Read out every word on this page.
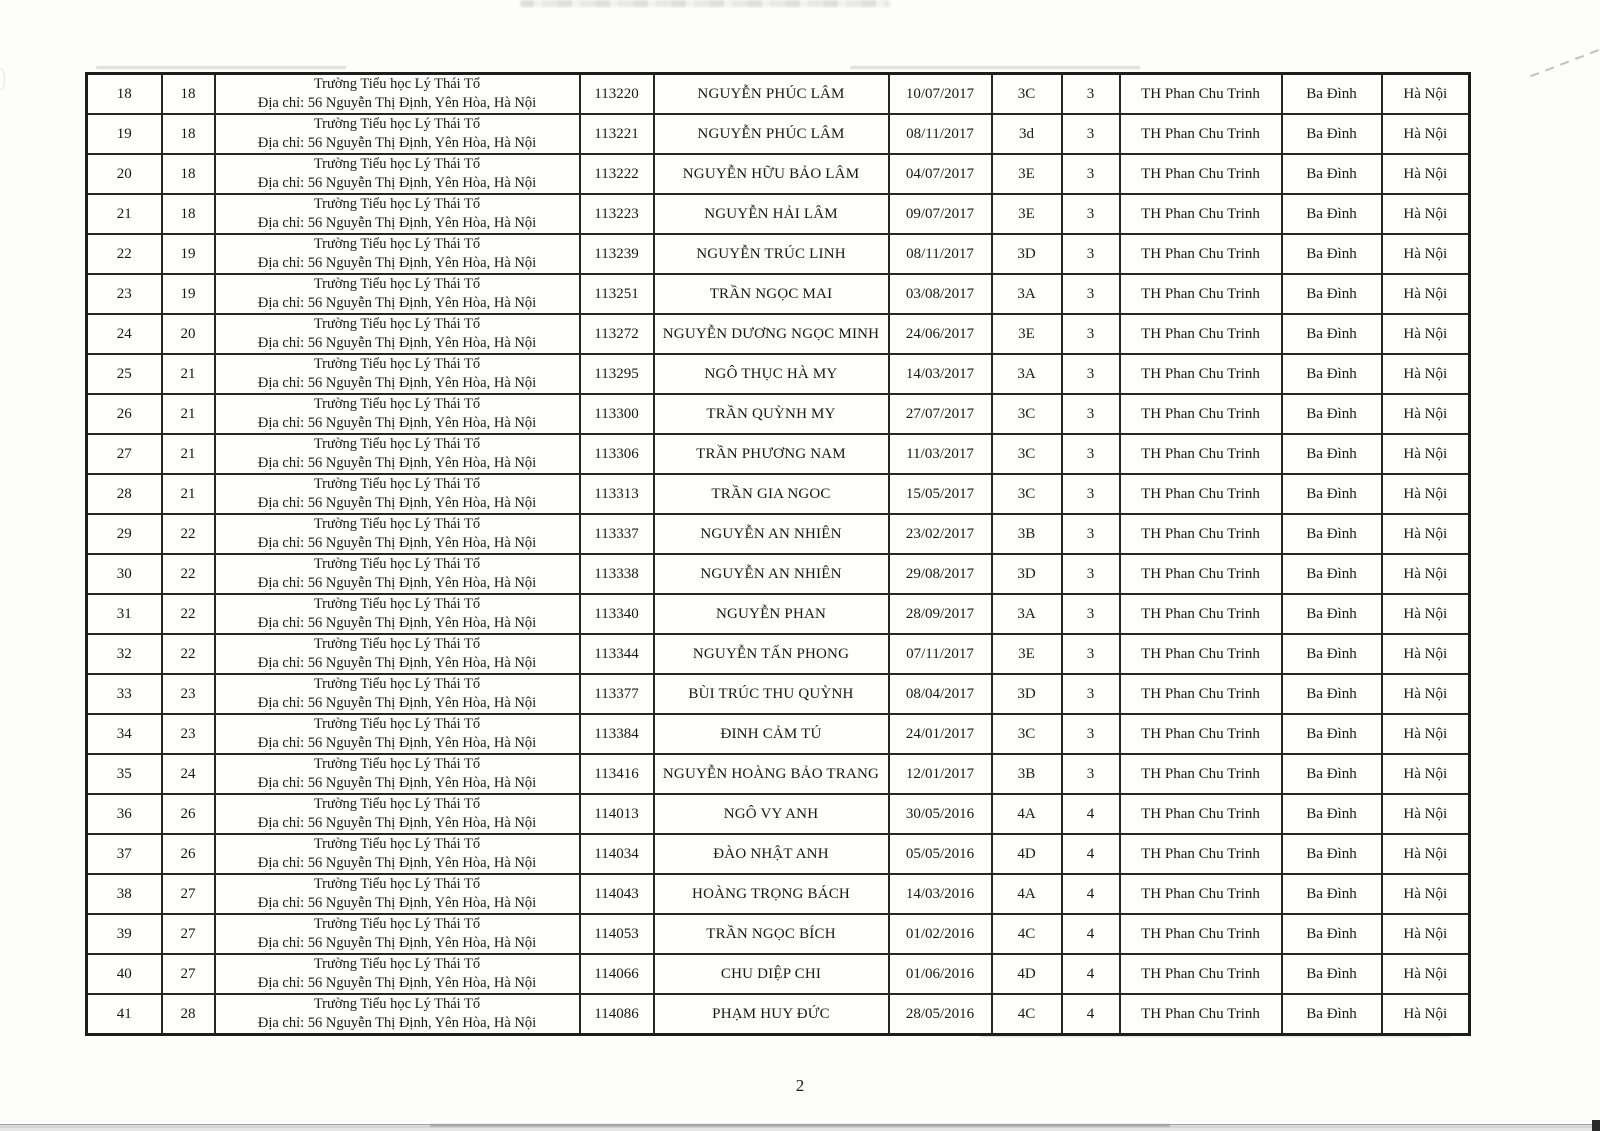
18	18	Trường Tiểu học Lý Thái Tổ
Địa chỉ: 56 Nguyễn Thị Định, Yên Hòa, Hà Nội	113220	NGUYỄN PHÚC LÂM	10/07/2017	3C	3	TH Phan Chu Trinh	Ba Đình	Hà Nội
19	18	Trường Tiểu học Lý Thái Tổ
Địa chỉ: 56 Nguyễn Thị Định, Yên Hòa, Hà Nội	113221	NGUYỄN PHÚC LÂM	08/11/2017	3d	3	TH Phan Chu Trinh	Ba Đình	Hà Nội
20	18	Trường Tiểu học Lý Thái Tổ
Địa chỉ: 56 Nguyễn Thị Định, Yên Hòa, Hà Nội	113222	NGUYỄN HỮU BẢO LÂM	04/07/2017	3E	3	TH Phan Chu Trinh	Ba Đình	Hà Nội
21	18	Trường Tiểu học Lý Thái Tổ
Địa chỉ: 56 Nguyễn Thị Định, Yên Hòa, Hà Nội	113223	NGUYỄN HẢI LÂM	09/07/2017	3E	3	TH Phan Chu Trinh	Ba Đình	Hà Nội
22	19	Trường Tiểu học Lý Thái Tổ
Địa chỉ: 56 Nguyễn Thị Định, Yên Hòa, Hà Nội	113239	NGUYỄN TRÚC LINH	08/11/2017	3D	3	TH Phan Chu Trinh	Ba Đình	Hà Nội
23	19	Trường Tiểu học Lý Thái Tổ
Địa chỉ: 56 Nguyễn Thị Định, Yên Hòa, Hà Nội	113251	TRẦN NGỌC MAI	03/08/2017	3A	3	TH Phan Chu Trinh	Ba Đình	Hà Nội
24	20	Trường Tiểu học Lý Thái Tổ
Địa chỉ: 56 Nguyễn Thị Định, Yên Hòa, Hà Nội	113272	NGUYỄN DƯƠNG NGỌC MINH	24/06/2017	3E	3	TH Phan Chu Trinh	Ba Đình	Hà Nội
25	21	Trường Tiểu học Lý Thái Tổ
Địa chỉ: 56 Nguyễn Thị Định, Yên Hòa, Hà Nội	113295	NGÔ THỤC HÀ MY	14/03/2017	3A	3	TH Phan Chu Trinh	Ba Đình	Hà Nội
26	21	Trường Tiểu học Lý Thái Tổ
Địa chỉ: 56 Nguyễn Thị Định, Yên Hòa, Hà Nội	113300	TRẦN QUỲNH MY	27/07/2017	3C	3	TH Phan Chu Trinh	Ba Đình	Hà Nội
27	21	Trường Tiểu học Lý Thái Tổ
Địa chỉ: 56 Nguyễn Thị Định, Yên Hòa, Hà Nội	113306	TRẦN PHƯƠNG NAM	11/03/2017	3C	3	TH Phan Chu Trinh	Ba Đình	Hà Nội
28	21	Trường Tiểu học Lý Thái Tổ
Địa chỉ: 56 Nguyễn Thị Định, Yên Hòa, Hà Nội	113313	TRẦN GIA NGOC	15/05/2017	3C	3	TH Phan Chu Trinh	Ba Đình	Hà Nội
29	22	Trường Tiểu học Lý Thái Tổ
Địa chỉ: 56 Nguyễn Thị Định, Yên Hòa, Hà Nội	113337	NGUYỄN AN NHIÊN	23/02/2017	3B	3	TH Phan Chu Trinh	Ba Đình	Hà Nội
30	22	Trường Tiểu học Lý Thái Tổ
Địa chỉ: 56 Nguyễn Thị Định, Yên Hòa, Hà Nội	113338	NGUYỄN AN NHIÊN	29/08/2017	3D	3	TH Phan Chu Trinh	Ba Đình	Hà Nội
31	22	Trường Tiểu học Lý Thái Tổ
Địa chỉ: 56 Nguyễn Thị Định, Yên Hòa, Hà Nội	113340	NGUYỄN PHAN	28/09/2017	3A	3	TH Phan Chu Trinh	Ba Đình	Hà Nội
32	22	Trường Tiểu học Lý Thái Tổ
Địa chỉ: 56 Nguyễn Thị Định, Yên Hòa, Hà Nội	113344	NGUYỄN TẤN PHONG	07/11/2017	3E	3	TH Phan Chu Trinh	Ba Đình	Hà Nội
33	23	Trường Tiểu học Lý Thái Tổ
Địa chỉ: 56 Nguyễn Thị Định, Yên Hòa, Hà Nội	113377	BÙI TRÚC THU QUỲNH	08/04/2017	3D	3	TH Phan Chu Trinh	Ba Đình	Hà Nội
34	23	Trường Tiểu học Lý Thái Tổ
Địa chỉ: 56 Nguyễn Thị Định, Yên Hòa, Hà Nội	113384	ĐINH CẢM TÚ	24/01/2017	3C	3	TH Phan Chu Trinh	Ba Đình	Hà Nội
35	24	Trường Tiểu học Lý Thái Tổ
Địa chỉ: 56 Nguyễn Thị Định, Yên Hòa, Hà Nội	113416	NGUYỄN HOÀNG BẢO TRANG	12/01/2017	3B	3	TH Phan Chu Trinh	Ba Đình	Hà Nội
36	26	Trường Tiểu học Lý Thái Tổ
Địa chỉ: 56 Nguyễn Thị Định, Yên Hòa, Hà Nội	114013	NGÔ VY ANH	30/05/2016	4A	4	TH Phan Chu Trinh	Ba Đình	Hà Nội
37	26	Trường Tiểu học Lý Thái Tổ
Địa chỉ: 56 Nguyễn Thị Định, Yên Hòa, Hà Nội	114034	ĐÀO NHẬT ANH	05/05/2016	4D	4	TH Phan Chu Trinh	Ba Đình	Hà Nội
38	27	Trường Tiểu học Lý Thái Tổ
Địa chỉ: 56 Nguyễn Thị Định, Yên Hòa, Hà Nội	114043	HOÀNG TRỌNG BÁCH	14/03/2016	4A	4	TH Phan Chu Trinh	Ba Đình	Hà Nội
39	27	Trường Tiểu học Lý Thái Tổ
Địa chỉ: 56 Nguyễn Thị Định, Yên Hòa, Hà Nội	114053	TRẦN NGỌC BÍCH	01/02/2016	4C	4	TH Phan Chu Trinh	Ba Đình	Hà Nội
40	27	Trường Tiểu học Lý Thái Tổ
Địa chỉ: 56 Nguyễn Thị Định, Yên Hòa, Hà Nội	114066	CHU DIỆP CHI	01/06/2016	4D	4	TH Phan Chu Trinh	Ba Đình	Hà Nội
41	28	Trường Tiểu học Lý Thái Tổ
Địa chỉ: 56 Nguyễn Thị Định, Yên Hòa, Hà Nội	114086	PHẠM HUY ĐỨC	28/05/2016	4C	4	TH Phan Chu Trinh	Ba Đình	Hà Nội
2
